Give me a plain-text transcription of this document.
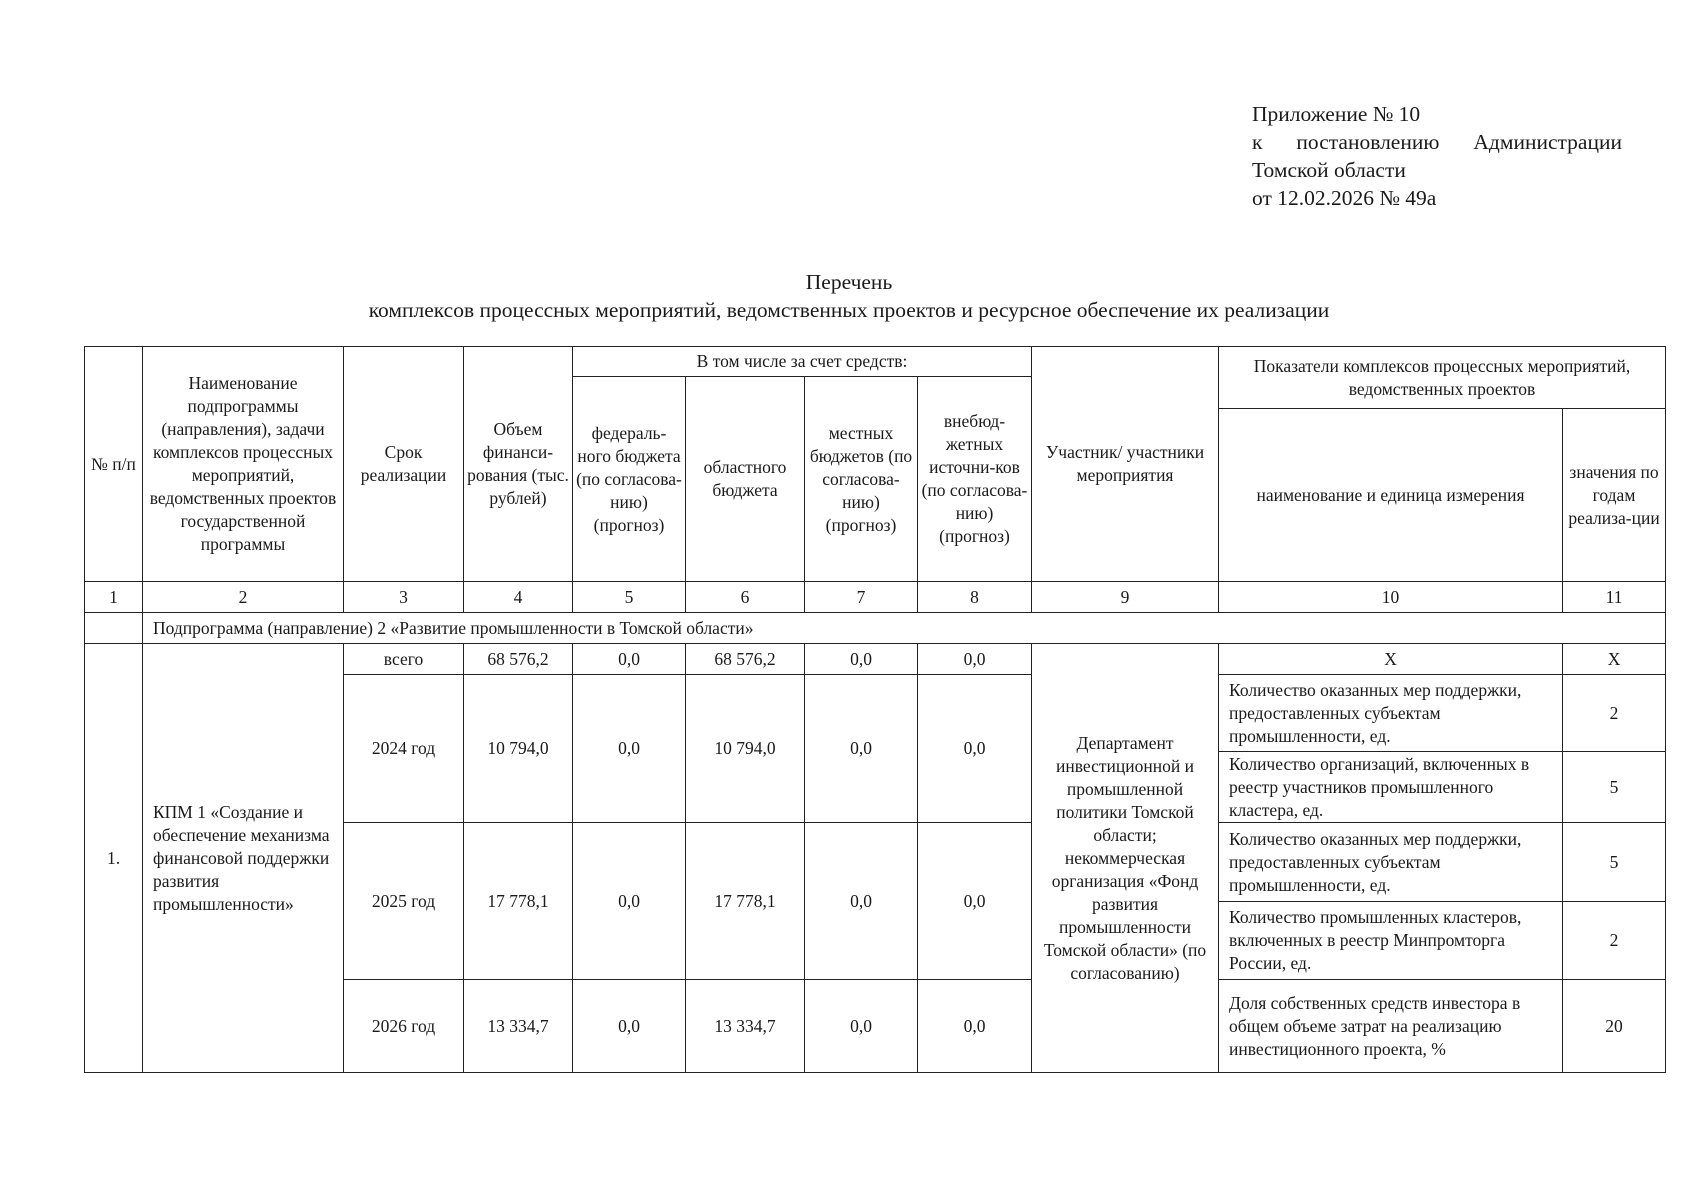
Приложение № 10
к постановлению Администрации
Томской области
от 12.02.2026 № 49а
Перечень
комплексов процессных мероприятий, ведомственных проектов и ресурсное обеспечение их реализации
№ п/п	Наименование подпрограммы (направления), задачи комплексов процессных мероприятий, ведомственных проектов государственной программы	Срок реализации	Объем финанси-рования (тыс. рублей)	В том числе за счет средств:				Участник/ участники мероприятия	Показатели комплексов процессных мероприятий, ведомственных проектов	
				федераль-ного бюджета (по согласова-нию) (прогноз)	областного бюджета	местных бюджетов (по согласова-нию) (прогноз)	внебюд-жетных источни-ков (по согласова-нию) (прогноз)			
									наименование и единица измерения	значения по годам реализа-ции
1	2	3	4	5	6	7	8	9	10	11
	Подпрограмма (направление) 2 «Развитие промышленности в Томской области»									
1.	КПМ 1 «Создание и обеспечение механизма финансовой поддержки развития промышленности»	всего	68 576,2	0,0	68 576,2	0,0	0,0	Департамент инвестиционной и промышленной политики Томской области; некоммерческая организация «Фонд развития промышленности Томской области» (по согласованию)	Х	Х
		2024 год	10 794,0	0,0	10 794,0	0,0	0,0		Количество оказанных мер поддержки, предоставленных субъектам промышленности, ед.	2
									Количество организаций, включенных в реестр участников промышленного кластера, ед.	5
		2025 год	17 778,1	0,0	17 778,1	0,0	0,0		Количество оказанных мер поддержки, предоставленных субъектам промышленности, ед.	5

									Количество промышленных кластеров, включенных в реестр Минпромторга России, ед.	2

		2026 год	13 334,7	0,0	13 334,7	0,0	0,0		Доля собственных средств инвестора в общем объеме затрат на реализацию инвестиционного проекта, %	20
